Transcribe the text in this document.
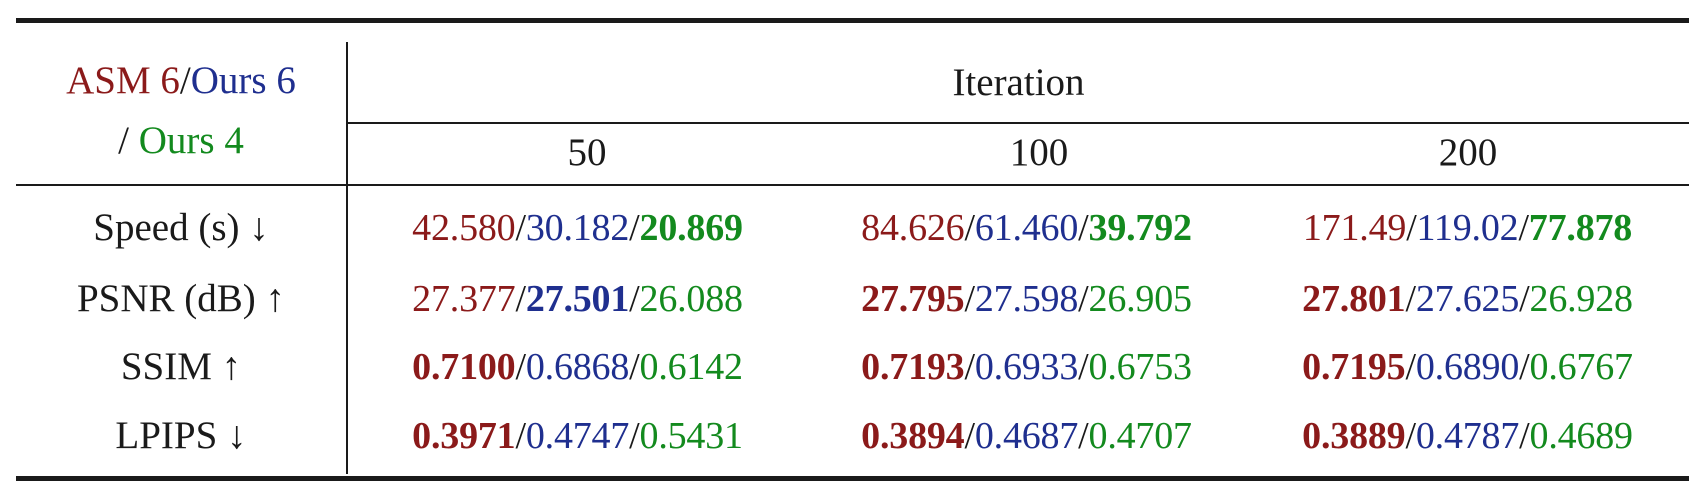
ASM 6/Ours 6
/ Ours 4
Iteration
50	100	200
Speed (s) ↓	42.580/30.182/20.869	84.626/61.460/39.792	171.49/119.02/77.878
PSNR (dB) ↑	27.377/27.501/26.088	27.795/27.598/26.905	27.801/27.625/26.928
SSIM ↑	0.7100/0.6868/0.6142	0.7193/0.6933/0.6753	0.7195/0.6890/0.6767
LPIPS ↓	0.3971/0.4747/0.5431	0.3894/0.4687/0.4707	0.3889/0.4787/0.4689
